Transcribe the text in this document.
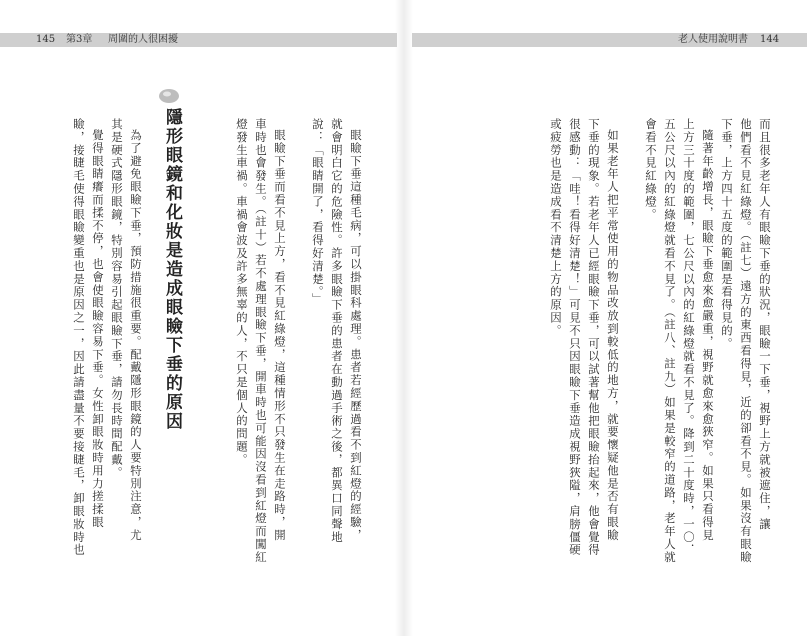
145 第3章 周圍的人很困擾	老人使用說明書 144
而且很多老年人有眼瞼下垂的狀況，眼瞼一下垂，視野上方就被遮住，讓
他們看不見紅綠燈。（註七）遠方的東西看得見，近的卻看不見。如果沒有眼瞼
下垂，上方四十五度的範圍是看得見的。
隨著年齡增長，眼瞼下垂愈來愈嚴重，視野就愈來愈狹窄。如果只看得見
上方三十度的範圍，七公尺以內的紅綠燈就看不見了。降到二十度時，一〇．
五公尺以內的紅綠燈就看不見了。（註八、註九）如果是較窄的道路，老年人就
會看不見紅綠燈。
如果老年人把平常使用的物品改放到較低的地方，就要懷疑他是否有眼瞼
下垂的現象。若老年人已經眼瞼下垂，可以試著幫他把眼瞼抬起來，他會覺得
很感動：「哇！看得好清楚！」可見不只因眼瞼下垂造成視野狹隘，肩膀僵硬
或疲勞也是造成看不清楚上方的原因。
眼瞼下垂這種毛病，可以掛眼科處理。患者若經歷過看不到紅燈的經驗，
就會明白它的危險性。許多眼瞼下垂的患者在動過手術之後，都異口同聲地
說：「眼睛開了，看得好清楚。」
眼瞼下垂而看不見上方，看不見紅綠燈，這種情形不只發生在走路時，開
車時也會發生。（註十）若不處理眼瞼下垂，開車時也可能因沒看到紅燈而闖紅
燈發生車禍。車禍會波及許多無辜的人，不只是個人的問題。
隱形眼鏡和化妝是造成眼瞼下垂的原因
為了避免眼瞼下垂，預防措施很重要。配戴隱形眼鏡的人要特別注意，尤
其是硬式隱形眼鏡，特別容易引起眼瞼下垂，請勿長時間配戴。
覺得眼睛癢而揉不停，也會使眼瞼容易下垂。女性卸眼妝時用力搓揉眼
瞼，接睫毛使得眼瞼變重也是原因之一，因此請盡量不要接睫毛，卸眼妝時也
